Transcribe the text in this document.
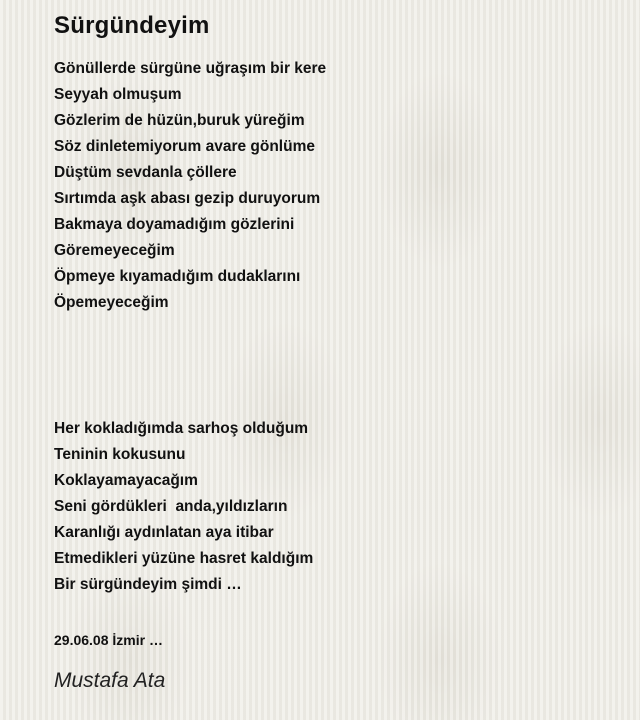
Sürgündeyim
Gönüllerde sürgüne uğraşım bir kere
Seyyah olmuşum
Gözlerim de hüzün,buruk yüreğim
Söz dinletemiyorum avare gönlüme
Düştüm sevdanla çöllere
Sırtımda aşk abası gezip duruyorum
Bakmaya doyamadığım gözlerini
Göremeyeceğim
Öpmeye kıyamadığım dudaklarını
Öpemeyeceğim
Her kokladığımda sarhoş olduğum
Teninin kokusunu
Koklayamayacağım
Seni gördükleri  anda,yıldızların
Karanlığı aydınlatan aya itibar
Etmedikleri yüzüne hasret kaldığım
Bir sürgündeyim şimdi …
29.06.08 İzmir …
Mustafa Ata
